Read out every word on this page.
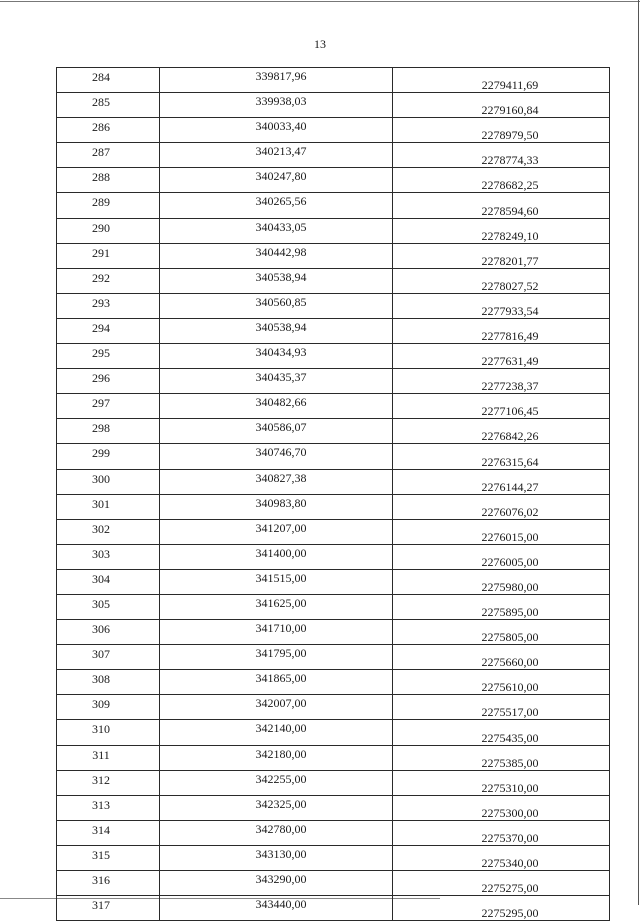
13
284	339817,96	2279411,69
285	339938,03	2279160,84
286	340033,40	2278979,50
287	340213,47	2278774,33
288	340247,80	2278682,25
289	340265,56	2278594,60
290	340433,05	2278249,10
291	340442,98	2278201,77
292	340538,94	2278027,52
293	340560,85	2277933,54
294	340538,94	2277816,49
295	340434,93	2277631,49
296	340435,37	2277238,37
297	340482,66	2277106,45
298	340586,07	2276842,26
299	340746,70	2276315,64
300	340827,38	2276144,27
301	340983,80	2276076,02
302	341207,00	2276015,00
303	341400,00	2276005,00
304	341515,00	2275980,00
305	341625,00	2275895,00
306	341710,00	2275805,00
307	341795,00	2275660,00
308	341865,00	2275610,00
309	342007,00	2275517,00
310	342140,00	2275435,00
311	342180,00	2275385,00
312	342255,00	2275310,00
313	342325,00	2275300,00
314	342780,00	2275370,00
315	343130,00	2275340,00
316	343290,00	2275275,00
317	343440,00	2275295,00
